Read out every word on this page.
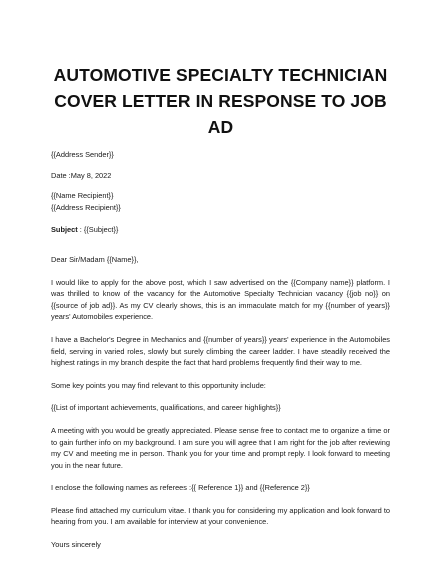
AUTOMOTIVE SPECIALTY TECHNICIAN
COVER LETTER IN RESPONSE TO JOB AD

{{Address Sender}}

Date :May 8, 2022

{{Name Recipient}}

{{Address Recipient}}

Subject : {{Subject}}

Dear Sir/Madam {{Name}},

I would like to apply for the above post, which I saw advertised on the {{Company name}} platform. I was thrilled to know of the vacancy for the Automotive Specialty Technician vacancy {{job no}} on {{source of job ad}}. As my CV clearly shows, this is an immaculate match for my {{number of years}} years' Automobiles experience.

I have a Bachelor's Degree in Mechanics and {{number of years}} years' experience in the Automobiles field, serving in varied roles, slowly but surely climbing the career ladder. I have steadily received the highest ratings in my branch despite the fact that hard problems frequently find their way to me.

Some key points you may find relevant to this opportunity include:

{{List of important achievements, qualifications, and career highlights}}

A meeting with you would be greatly appreciated. Please sense free to contact me to organize a time or to gain further info on my background. I am sure you will agree that I am right for the job after reviewing my CV and meeting me in person. Thank you for your time and prompt reply. I look forward to meeting you in the near future.

I enclose the following names as referees :{{ Reference 1}} and {{Reference 2}}

Please find attached my curriculum vitae. I thank you for considering my application and look forward to hearing from you. I am available for interview at your convenience.

Yours sincerely
